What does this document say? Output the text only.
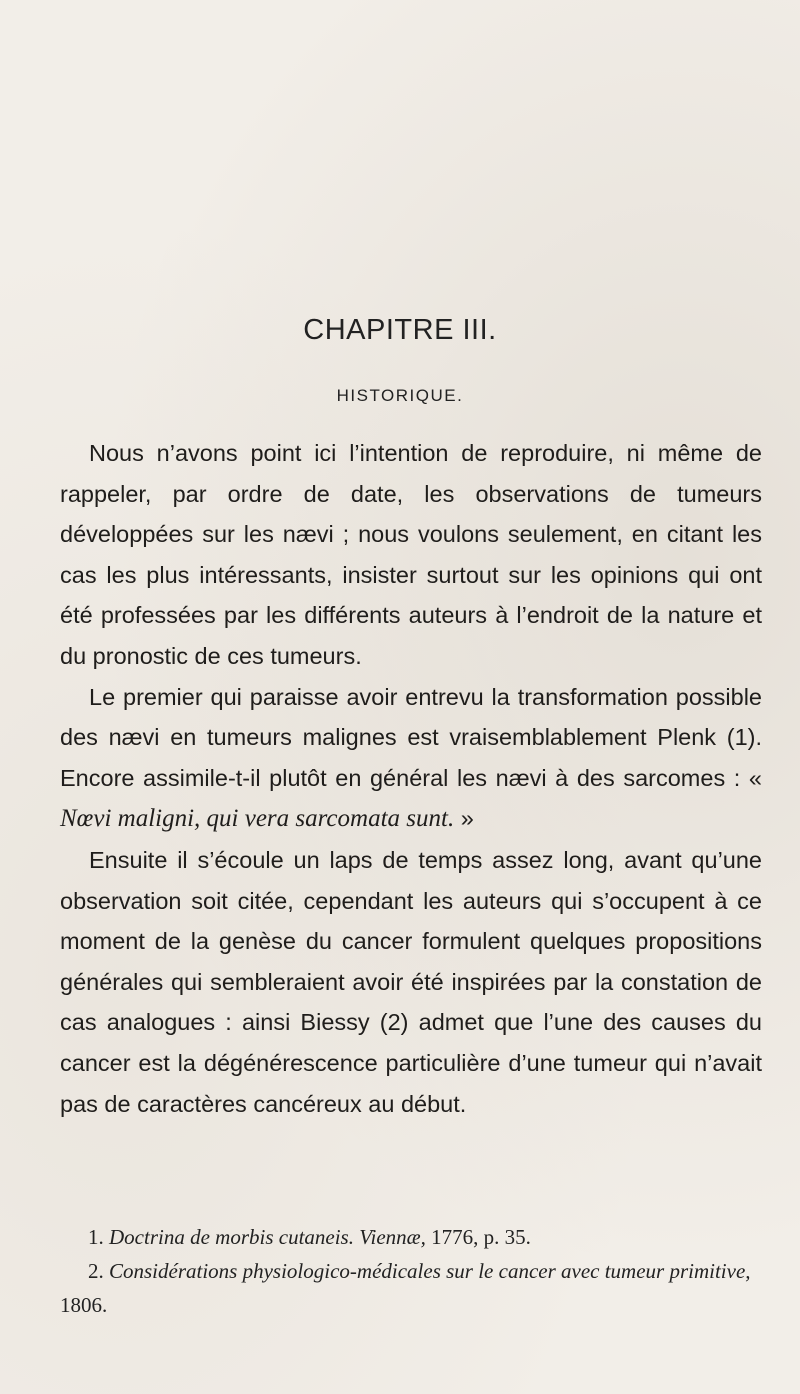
CHAPITRE III.
HISTORIQUE.

Nous n’avons point ici l’intention de reproduire, ni même de rappeler, par ordre de date, les observations de tumeurs développées sur les nævi ; nous voulons seulement, en citant les cas les plus intéressants, insister surtout sur les opinions qui ont été professées par les différents auteurs à l’endroit de la nature et du pronostic de ces tumeurs.

Le premier qui paraisse avoir entrevu la transformation possible des nævi en tumeurs malignes est vraisemblablement Plenk (1). Encore assimile-t-il plutôt en général les nævi à des sarcomes : « Nœvi maligni, qui vera sarcomata sunt. »

Ensuite il s’écoule un laps de temps assez long, avant qu’une observation soit citée, cependant les auteurs qui s’occupent à ce moment de la genèse du cancer formulent quelques propositions générales qui sembleraient avoir été inspirées par la constation de cas analogues : ainsi Biessy (2) admet que l’une des causes du cancer est la dégénérescence particulière d’une tumeur qui n’avait pas de caractères cancéreux au début.

1. Doctrina de morbis cutaneis. Viennæ, 1776, p. 35.

2. Considérations physiologico-médicales sur le cancer avec tumeur primitive, 1806.
